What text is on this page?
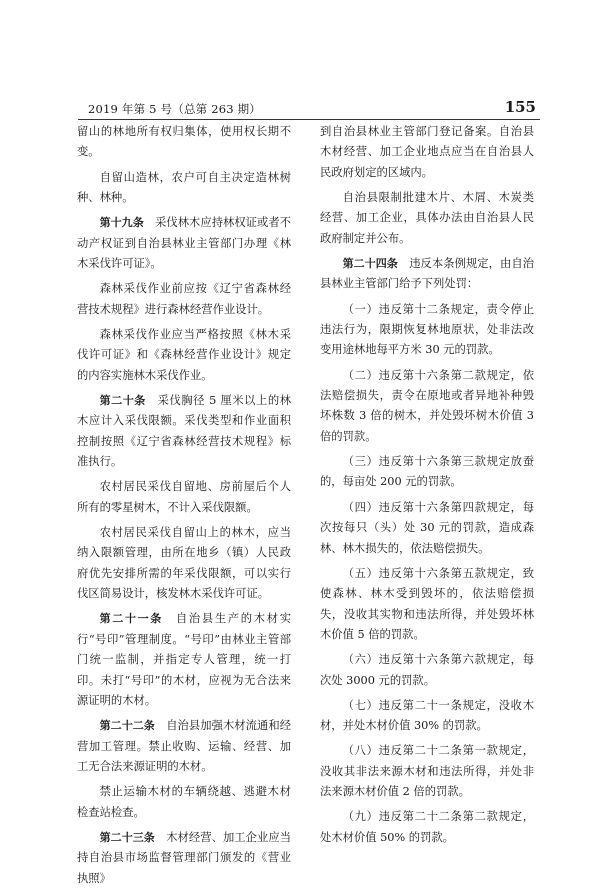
2019 年第 5 号（总第 263 期）	155

留山的林地所有权归集体，使用权长期不变。

自留山造林，农户可自主决定造林树种、林种。

第十九条　采伐林木应持林权证或者不动产权证到自治县林业主管部门办理《林木采伐许可证》。

森林采伐作业前应按《辽宁省森林经营技术规程》进行森林经营作业设计。

森林采伐作业应当严格按照《林木采伐许可证》和《森林经营作业设计》规定的内容实施林木采伐作业。

第二十条　采伐胸径 5 厘米以上的林木应计入采伐限额。采伐类型和作业面积控制按照《辽宁省森林经营技术规程》标准执行。

农村居民采伐自留地、房前屋后个人所有的零星树木，不计入采伐限额。

农村居民采伐自留山上的林木，应当纳入限额管理，由所在地乡（镇）人民政府优先安排所需的年采伐限额，可以实行伐区简易设计，核发林木采伐许可证。

第二十一条　自治县生产的木材实行“号印”管理制度。“号印”由林业主管部门统一监制，并指定专人管理，统一打印。未打“号印”的木材，应视为无合法来源证明的木材。

第二十二条　自治县加强木材流通和经营加工管理。禁止收购、运输、经营、加工无合法来源证明的木材。

禁止运输木材的车辆绕越、逃避木材检查站检查。

第二十三条　木材经营、加工企业应当持自治县市场监督管理部门颁发的《营业执照》

到自治县林业主管部门登记备案。自治县木材经营、加工企业地点应当在自治县人民政府划定的区域内。

自治县限制批建木片、木屑、木炭类经营、加工企业，具体办法由自治县人民政府制定并公布。

第二十四条　违反本条例规定，由自治县林业主管部门给予下列处罚：

（一）违反第十二条规定，责令停止违法行为，限期恢复林地原状，处非法改变用途林地每平方米 30 元的罚款。

（二）违反第十六条第二款规定，依法赔偿损失，责令在原地或者异地补种毁坏株数 3 倍的树木，并处毁坏树木价值 3 倍的罚款。

（三）违反第十六条第三款规定放蚕的，每亩处 200 元的罚款。

（四）违反第十六条第四款规定，每次按每只（头）处 30 元的罚款，造成森林、林木损失的，依法赔偿损失。

（五）违反第十六条第五款规定，致使森林、林木受到毁坏的，依法赔偿损失，没收其实物和违法所得，并处毁坏林木价值 5 倍的罚款。

（六）违反第十六条第六款规定，每次处 3000 元的罚款。

（七）违反第二十一条规定，没收木材，并处木材价值 30% 的罚款。

（八）违反第二十二条第一款规定，没收其非法来源木材和违法所得，并处非法来源木材价值 2 倍的罚款。

（九）违反第二十二条第二款规定，处木材价值 50% 的罚款。
